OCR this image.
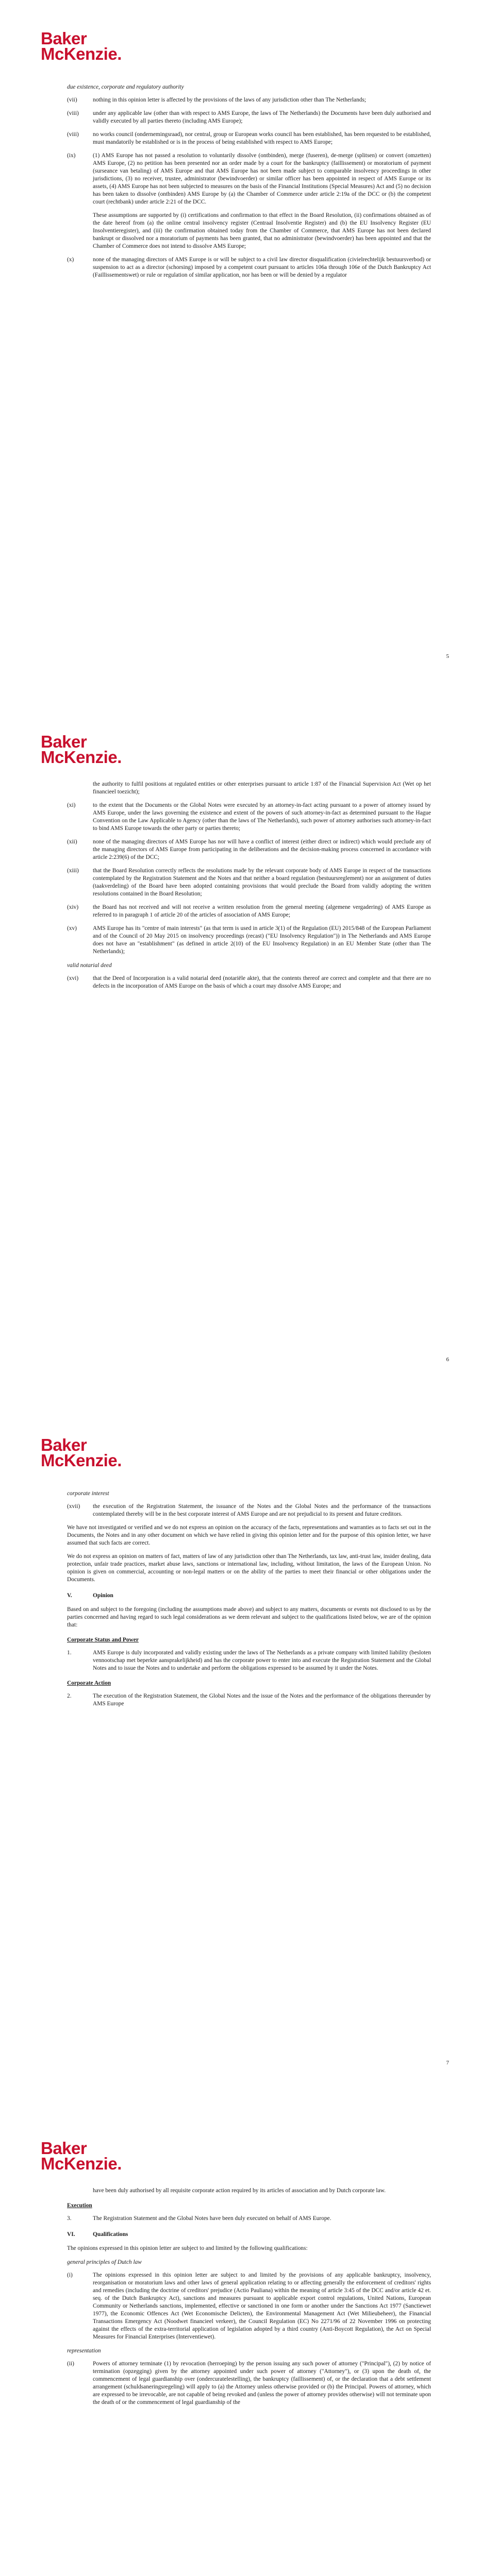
Baker
McKenzie.
due existence, corporate and regulatory authority
(vii)	nothing in this opinion letter is affected by the provisions of the laws of any jurisdiction other than The Netherlands;
(viii)	under any applicable law (other than with respect to AMS Europe, the laws of The Netherlands) the Documents have been duly authorised and validly executed by all parties thereto (including AMS Europe);
(viii)	no works council (ondernemingsraad), nor central, group or European works council has been established, has been requested to be established, must mandatorily be established or is in the process of being established with respect to AMS Europe;
(ix)	(1) AMS Europe has not passed a resolution to voluntarily dissolve (ontbinden), merge (fuseren), de-merge (splitsen) or convert (omzetten) AMS Europe, (2) no petition has been presented nor an order made by a court for the bankruptcy (faillissement) or moratorium of payment (surseance van betaling) of AMS Europe and that AMS Europe has not been made subject to comparable insolvency proceedings in other jurisdictions, (3) no receiver, trustee, administrator (bewindvoerder) or similar officer has been appointed in respect of AMS Europe or its assets, (4) AMS Europe has not been subjected to measures on the basis of the Financial Institutions (Special Measures) Act and (5) no decision has been taken to dissolve (ontbinden) AMS Europe by (a) the Chamber of Commerce under article 2:19a of the DCC or (b) the competent court (rechtbank) under article 2:21 of the DCC.
These assumptions are supported by (i) certifications and confirmation to that effect in the Board Resolution, (ii) confirmations obtained as of the date hereof from (a) the online central insolvency register (Centraal Insolventie Register) and (b) the EU Insolvency Register (EU Insolventieregister), and (iii) the confirmation obtained today from the Chamber of Commerce, that AMS Europe has not been declared bankrupt or dissolved nor a moratorium of payments has been granted, that no administrator (bewindvoerder) has been appointed and that the Chamber of Commerce does not intend to dissolve AMS Europe;
(x)	none of the managing directors of AMS Europe is or will be subject to a civil law director disqualification (civielrechtelijk bestuursverbod) or suspension to act as a director (schorsing) imposed by a competent court pursuant to articles 106a through 106e of the Dutch Bankruptcy Act (Faillissementswet) or rule or regulation of similar application, nor has been or will be denied by a regulator
5
Baker
McKenzie.
the authority to fulfil positions at regulated entities or other enterprises pursuant to article 1:87 of the Financial Supervision Act (Wet op het financieel toezicht);
(xi)	to the extent that the Documents or the Global Notes were executed by an attorney-in-fact acting pursuant to a power of attorney issued by AMS Europe, under the laws governing the existence and extent of the powers of such attorney-in-fact as determined pursuant to the Hague Convention on the Law Applicable to Agency (other than the laws of The Netherlands), such power of attorney authorises such attorney-in-fact to bind AMS Europe towards the other party or parties thereto;
(xii)	none of the managing directors of AMS Europe has nor will have a conflict of interest (either direct or indirect) which would preclude any of the managing directors of AMS Europe from participating in the deliberations and the decision-making process concerned in accordance with article 2:239(6) of the DCC;
(xiii)	that the Board Resolution correctly reflects the resolutions made by the relevant corporate body of AMS Europe in respect of the transactions contemplated by the Registration Statement and the Notes and that neither a board regulation (bestuursreglement) nor an assignment of duties (taakverdeling) of the Board have been adopted containing provisions that would preclude the Board from validly adopting the written resolutions contained in the Board Resolution;
(xiv)	the Board has not received and will not receive a written resolution from the general meeting (algemene vergadering) of AMS Europe as referred to in paragraph 1 of article 20 of the articles of association of AMS Europe;
(xv)	AMS Europe has its "centre of main interests" (as that term is used in article 3(1) of the Regulation (EU) 2015/848 of the European Parliament and of the Council of 20 May 2015 on insolvency proceedings (recast) ("EU Insolvency Regulation")) in The Netherlands and AMS Europe does not have an "establishment" (as defined in article 2(10) of the EU Insolvency Regulation) in an EU Member State (other than The Netherlands);
valid notarial deed
(xvi)	that the Deed of Incorporation is a valid notarial deed (notariële akte), that the contents thereof are correct and complete and that there are no defects in the incorporation of AMS Europe on the basis of which a court may dissolve AMS Europe; and
6
Baker
McKenzie.
corporate interest
(xvii)	the execution of the Registration Statement, the issuance of the Notes and the Global Notes and the performance of the transactions contemplated thereby will be in the best corporate interest of AMS Europe and are not prejudicial to its present and future creditors.
We have not investigated or verified and we do not express an opinion on the accuracy of the facts, representations and warranties as to facts set out in the Documents, the Notes and in any other document on which we have relied in giving this opinion letter and for the purpose of this opinion letter, we have assumed that such facts are correct.
We do not express an opinion on matters of fact, matters of law of any jurisdiction other than The Netherlands, tax law, anti-trust law, insider dealing, data protection, unfair trade practices, market abuse laws, sanctions or international law, including, without limitation, the laws of the European Union. No opinion is given on commercial, accounting or non-legal matters or on the ability of the parties to meet their financial or other obligations under the Documents.
V.	Opinion
Based on and subject to the foregoing (including the assumptions made above) and subject to any matters, documents or events not disclosed to us by the parties concerned and having regard to such legal considerations as we deem relevant and subject to the qualifications listed below, we are of the opinion that:
Corporate Status and Power
1.	AMS Europe is duly incorporated and validly existing under the laws of The Netherlands as a private company with limited liability (besloten vennootschap met beperkte aansprakelijkheid) and has the corporate power to enter into and execute the Registration Statement and the Global Notes and to issue the Notes and to undertake and perform the obligations expressed to be assumed by it under the Notes.
Corporate Action
2.	The execution of the Registration Statement, the Global Notes and the issue of the Notes and the performance of the obligations thereunder by AMS Europe
7
Baker
McKenzie.
have been duly authorised by all requisite corporate action required by its articles of association and by Dutch corporate law.
Execution
3.	The Registration Statement and the Global Notes have been duly executed on behalf of AMS Europe.
VI.	Qualifications
The opinions expressed in this opinion letter are subject to and limited by the following qualifications:
general principles of Dutch law
(i)	The opinions expressed in this opinion letter are subject to and limited by the provisions of any applicable bankruptcy, insolvency, reorganisation or moratorium laws and other laws of general application relating to or affecting generally the enforcement of creditors' rights and remedies (including the doctrine of creditors' prejudice (Actio Pauliana) within the meaning of article 3:45 of the DCC and/or article 42 et. seq. of the Dutch Bankruptcy Act), sanctions and measures pursuant to applicable export control regulations, United Nations, European Community or Netherlands sanctions, implemented, effective or sanctioned in one form or another under the Sanctions Act 1977 (Sanctiewet 1977), the Economic Offences Act (Wet Economische Delicten), the Environmental Management Act (Wet Milieubeheer), the Financial Transactions Emergency Act (Noodwet financieel verkeer), the Council Regulation (EC) No 2271/96 of 22 November 1996 on protecting against the effects of the extra-territorial application of legislation adopted by a third country (Anti-Boycott Regulation), the Act on Special Measures for Financial Enterprises (Interventiewet).
representation
(ii)	Powers of attorney terminate (1) by revocation (herroeping) by the person issuing any such power of attorney ("Principal"), (2) by notice of termination (opzegging) given by the attorney appointed under such power of attorney ("Attorney"), or (3) upon the death of, the commencement of legal guardianship over (ondercuratelestelling), the bankruptcy (faillissement) of, or the declaration that a debt settlement arrangement (schuldsaneringsregeling) will apply to (a) the Attorney unless otherwise provided or (b) the Principal. Powers of attorney, which are expressed to be irrevocable, are not capable of being revoked and (unless the power of attorney provides otherwise) will not terminate upon the death of or the commencement of legal guardianship of the
